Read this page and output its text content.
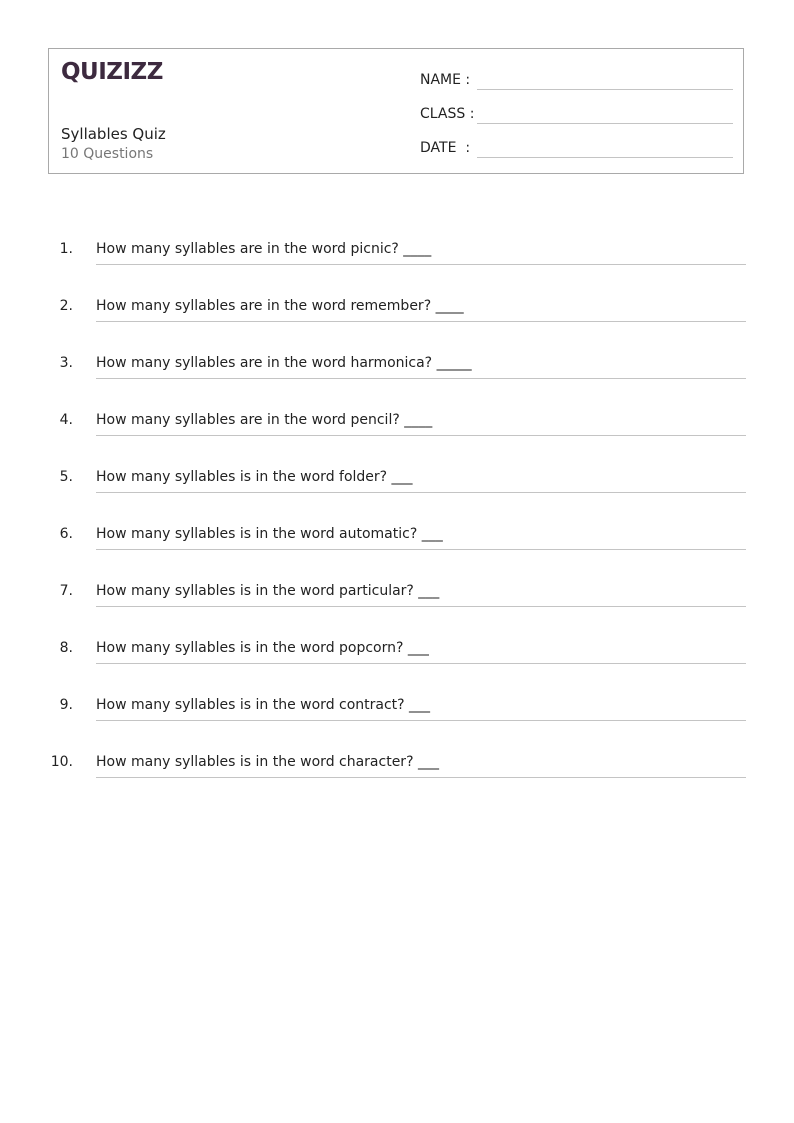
QUIZIZZ
Syllables Quiz
10 Questions
NAME :
CLASS :
DATE  :
1. How many syllables are in the word picnic? ____
2. How many syllables are in the word remember? ____
3. How many syllables are in the word harmonica? _____
4. How many syllables are in the word pencil? ____
5. How many syllables is in the word folder? ___
6. How many syllables is in the word automatic? ___
7. How many syllables is in the word particular? ___
8. How many syllables is in the word popcorn? ___
9. How many syllables is in the word contract? ___
10. How many syllables is in the word character? ___
